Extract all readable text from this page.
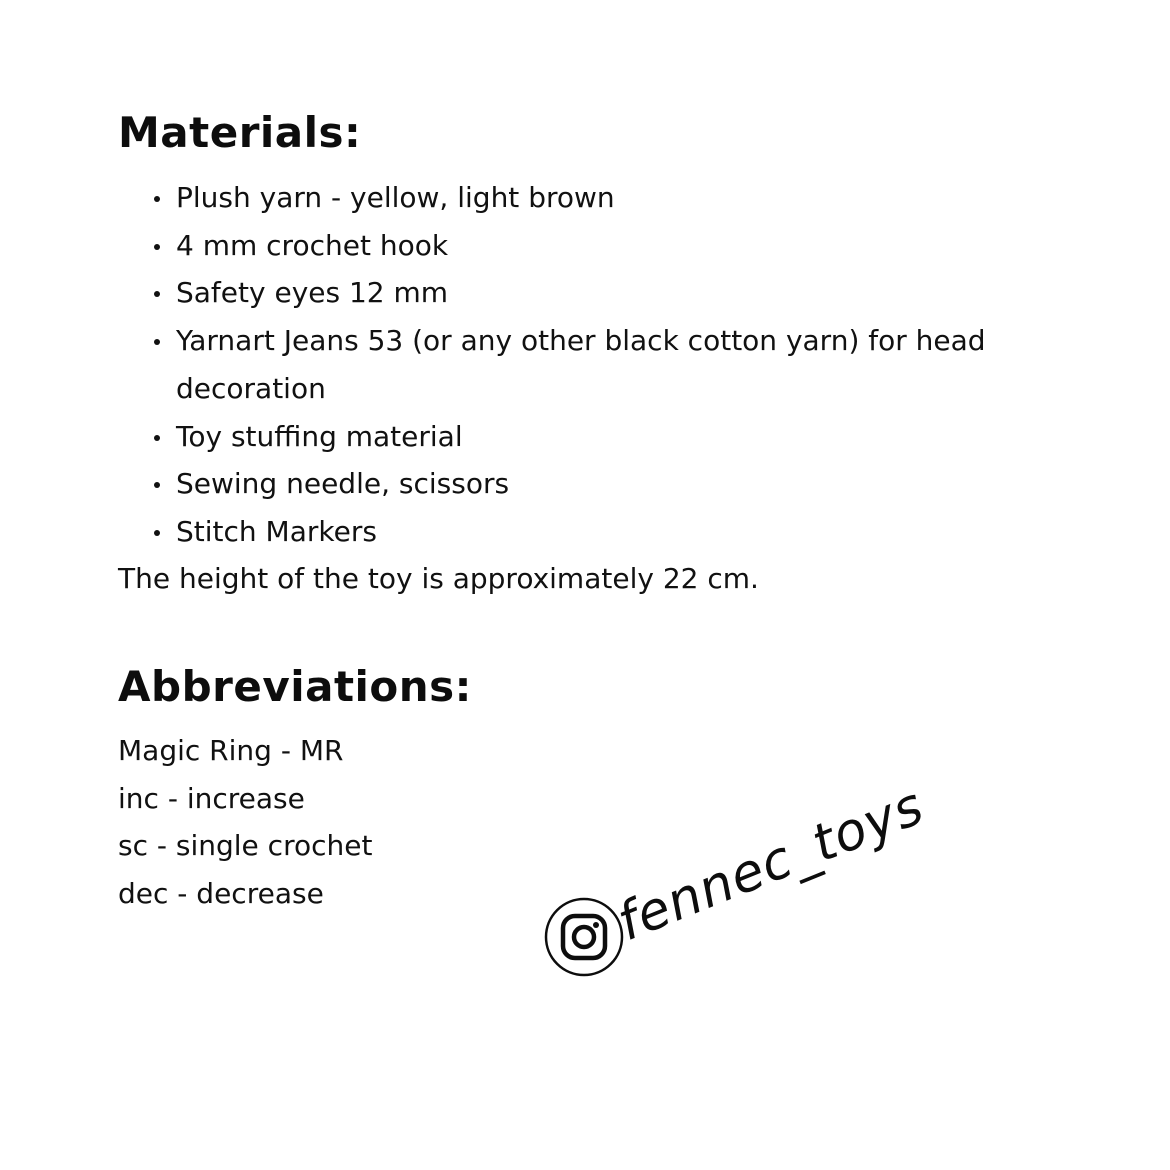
Materials:
Plush yarn - yellow, light brown
4 mm crochet hook
Safety eyes 12 mm
Yarnart Jeans 53 (or any other black cotton yarn) for head decoration
Toy stuffing material
Sewing needle, scissors
Stitch Markers

The height of the toy is approximately 22 cm.

Abbreviations:
Magic Ring - MR
inc - increase
sc - single crochet
dec - decrease	fennec_toys
